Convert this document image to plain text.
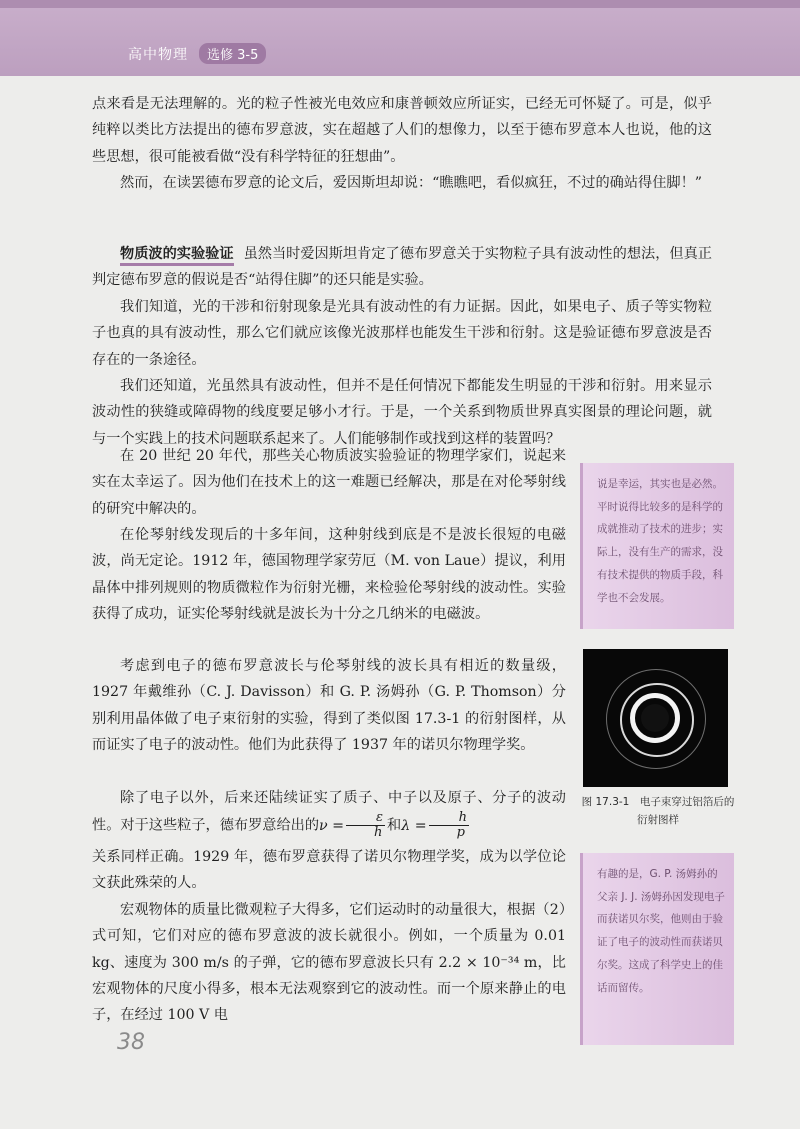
高中物理	选修 3-5

点来看是无法理解的。光的粒子性被光电效应和康普顿效应所证实，已经无可怀疑了。可是，似乎纯粹以类比方法提出的德布罗意波，实在超越了人们的想像力，以至于德布罗意本人也说，他的这些思想，很可能被看做“没有科学特征的狂想曲”。

然而，在读罢德布罗意的论文后，爱因斯坦却说：“瞧瞧吧，看似疯狂，不过的确站得住脚！”

物质波的实验验证 虽然当时爱因斯坦肯定了德布罗意关于实物粒子具有波动性的想法，但真正判定德布罗意的假说是否“站得住脚”的还只能是实验。

我们知道，光的干涉和衍射现象是光具有波动性的有力证据。因此，如果电子、质子等实物粒子也真的具有波动性，那么它们就应该像光波那样也能发生干涉和衍射。这是验证德布罗意波是否存在的一条途径。

我们还知道，光虽然具有波动性，但并不是任何情况下都能发生明显的干涉和衍射。用来显示波动性的狭缝或障碍物的线度要足够小才行。于是，一个关系到物质世界真实图景的理论问题，就与一个实践上的技术问题联系起来了。人们能够制作或找到这样的装置吗？

在 20 世纪 20 年代，那些关心物质波实验验证的物理学家们，说起来实在太幸运了。因为他们在技术上的这一难题已经解决，那是在对伦琴射线的研究中解决的。

在伦琴射线发现后的十多年间，这种射线到底是不是波长很短的电磁波，尚无定论。1912 年，德国物理学家劳厄（M. von Laue）提议，利用晶体中排列规则的物质微粒作为衍射光栅，来检验伦琴射线的波动性。实验获得了成功，证实伦琴射线就是波长为十分之几纳米的电磁波。

考虑到电子的德布罗意波长与伦琴射线的波长具有相近的数量级，1927 年戴维孙（C. J. Davisson）和 G. P. 汤姆孙（G. P. Thomson）分别利用晶体做了电子束衍射的实验，得到了类似图 17.3-1 的衍射图样，从而证实了电子的波动性。他们为此获得了 1937 年的诺贝尔物理学奖。

除了电子以外，后来还陆续证实了质子、中子以及原子、分子的波动性。对于这些粒子，德布罗意给出的$\nu = \frac{\varepsilon}{h}$ 和$\lambda = \frac{h}{p}$

关系同样正确。1929 年，德布罗意获得了诺贝尔物理学奖，成为以学位论文获此殊荣的人。

宏观物体的质量比微观粒子大得多，它们运动时的动量很大，根据（2）式可知，它们对应的德布罗意波的波长就很小。例如，一个质量为 0.01 kg、速度为 300 m/s 的子弹，它的德布罗意波长只有 2.2 × 10⁻³⁴ m，比宏观物体的尺度小得多，根本无法观察到它的波动性。而一个原来静止的电子，在经过 100 V 电

说是幸运，其实也是必然。平时说得比较多的是科学的成就推动了技术的进步；实际上，没有生产的需求，没有技术提供的物质手段，科学也不会发展。

图 17.3-1　电子束穿过铝箔后的衍射图样

有趣的是，G. P. 汤姆孙的父亲 J. J. 汤姆孙因发现电子而获诺贝尔奖，他则由于验证了电子的波动性而获诺贝尔奖。这成了科学史上的佳话而留传。

38
